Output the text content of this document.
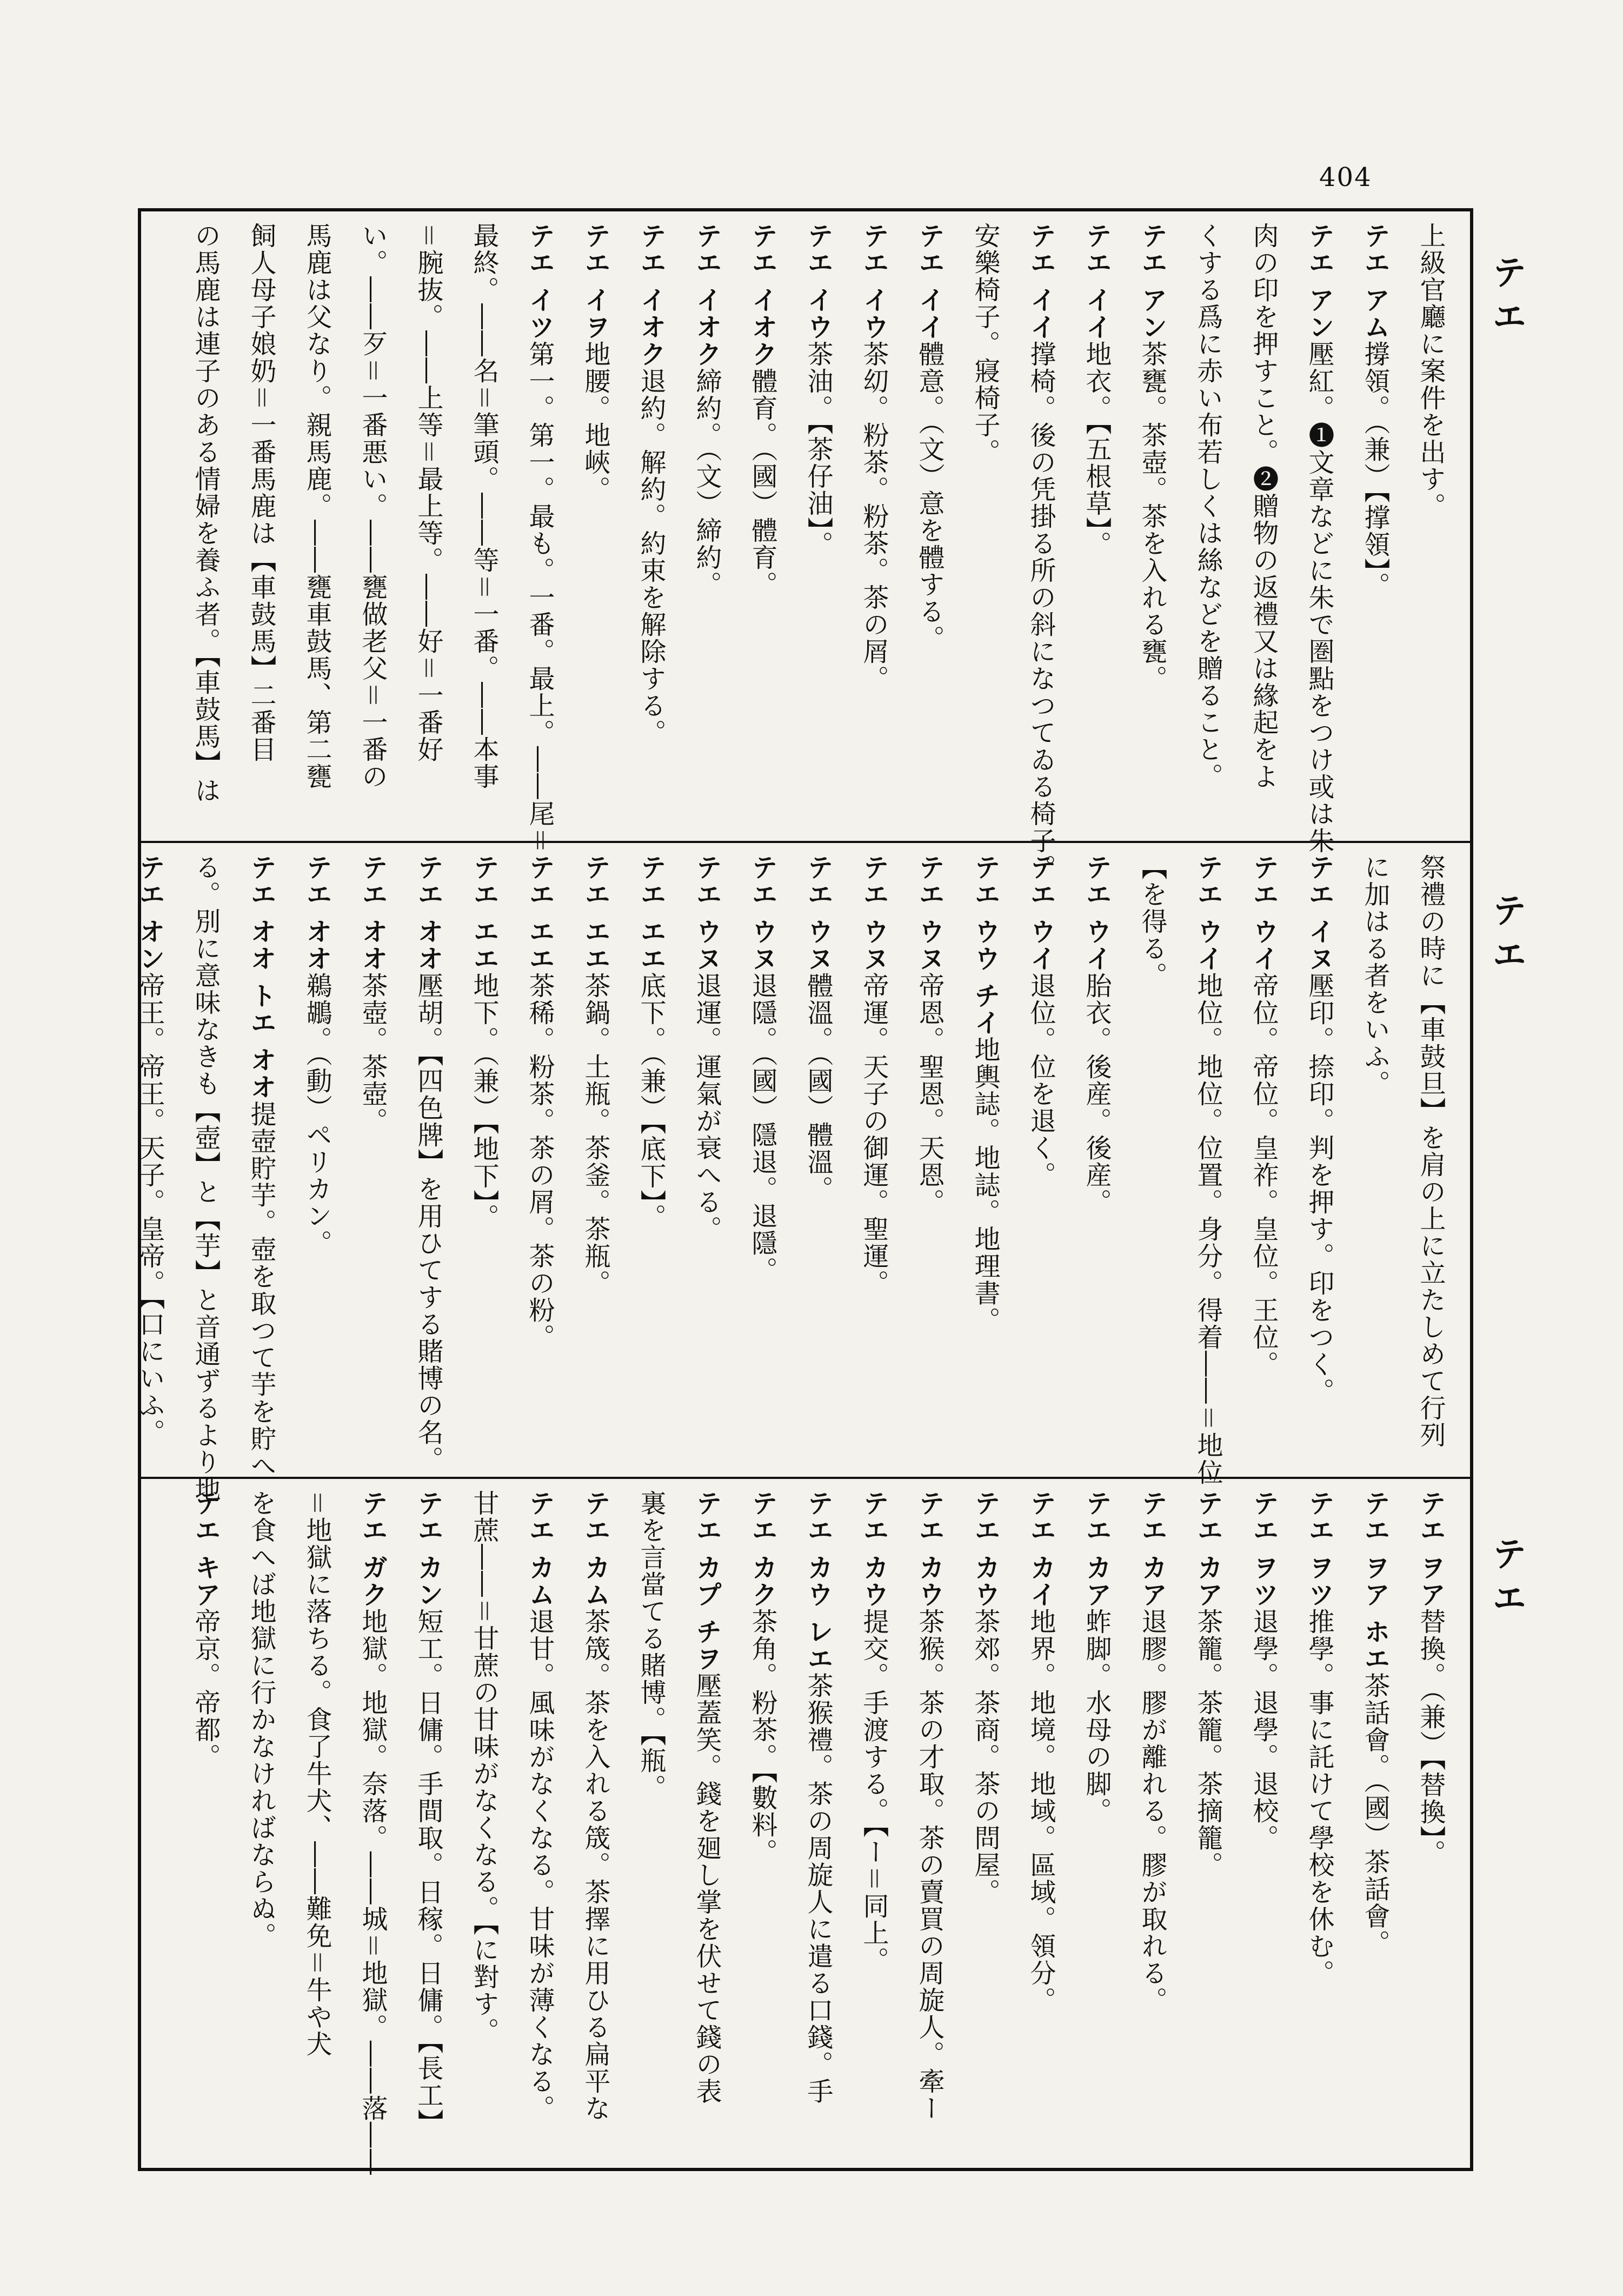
404
テエ
テエ
テエ
上級官廳に案件を出す。
テエ アム撐領。（兼）【撑領】。
テエ アン壓紅。❶文章などに朱で圏點をつけ或は朱
肉の印を押すこと。❷贈物の返禮又は緣起をよ
くする爲に赤い布若しくは絲などを贈ること。
テエ アン茶甕。茶壺。茶を入れる甕。
テエ イイ地衣。【五根草】。
テエ イイ撑椅。後の凭掛る所の斜になつてゐる椅子。
安樂椅子。寢椅子。
テエ イイ體意。（文）意を體する。
テエ イウ茶㓜。粉茶。粉茶。茶の屑。
テエ イウ茶油。【茶仔油】。
テエ イオク體育。（國）體育。
テエ イオク締約。（文）締約。
テエ イオク退約。解約。約束を解除する。
テエ イヲ地腰。地峽。
テエ イツ第一。第一。最も。一番。最上。――尾＝
最終。――名＝筆頭。――等＝一番。――本事
＝腕抜。――上等＝最上等。――好＝一番好
い。――歹＝一番悪い。――甕做老父＝一番の
馬鹿は父なり。親馬鹿。――甕車鼓馬、第二甕
飼人母子娘奶＝一番馬鹿は【車鼓馬】二番目
の馬鹿は連子のある情婦を養ふ者。【車鼓馬】は
祭禮の時に【車鼓旦】を肩の上に立たしめて行列
に加はる者をいふ。
テエ イヌ壓印。捺印。判を押す。印をつく。
テエ ウイ帝位。帝位。皇祚。皇位。王位。
テエ ウイ地位。地位。位置。身分。得着――＝地位
【を得る。
テエ ウイ胎衣。後産。後産。
テエ ウイ退位。位を退く。
テエ ウウ チイ地輿誌。地誌。地理書。
テエ ウヌ帝恩。聖恩。天恩。
テエ ウヌ帝運。天子の御運。聖運。
テエ ウヌ體溫。（國）體溫。
テエ ウヌ退隱。（國）隱退。退隱。
テエ ウヌ退運。運氣が衰へる。
テエ エエ底下。（兼）【底下】。
テエ エエ茶鍋。土瓶。茶釜。茶瓶。
テエ エエ茶稀。粉茶。茶の屑。茶の粉。
テエ エエ地下。（兼）【地下】。
テエ オオ壓胡。【四色牌】を用ひてする賭博の名。
テエ オオ茶壺。茶壺。
テエ オオ鵜鶘。（動）ペリカン。
テエ オオ トエ オオ提壺貯芋。壺を取つて芋を貯へ
る。別に意味なきも【壺】と【芋】と音通ずるより地
テエ オン帝王。帝王。天子。皇帝。【口にいふ。
テエ ヲア替換。（兼）【替換】。
テエ ヲア ホエ茶話會。（國）茶話會。
テエ ヲツ推學。事に託けて學校を休む。
テエ ヲツ退學。退學。退校。
テエ カア茶籠。茶籠。茶摘籠。
テエ カア退膠。膠が離れる。膠が取れる。
テエ カア蚱脚。水母の脚。
テエ カイ地界。地境。地域。區域。領分。
テエ カウ茶郊。茶商。茶の問屋。
テエ カウ茶猴。茶の才取。茶の賣買の周旋人。牽ー
テエ カウ提交。手渡する。【ー＝同上。
テエ カウ レエ茶猴禮。茶の周旋人に遣る口錢。手
テエ カク茶角。粉茶。【數料。
テエ カプ チヲ壓蓋笑。錢を廻し掌を伏せて錢の表
裏を言當てる賭博。【瓶。
テエ カム茶筬。茶を入れる筬。茶擇に用ひる扁平な
テエ カム退甘。風味がなくなる。甘味が薄くなる。
甘蔗――＝甘蔗の甘味がなくなる。【に對す。
テエ カン短工。日傭。手間取。日稼。日傭。【長工】
テエ ガク地獄。地獄。奈落。――城＝地獄。――落――
＝地獄に落ちる。食了牛犬、――難免＝牛や犬
を食へば地獄に行かなければならぬ。
テエ キア帝京。帝都。
